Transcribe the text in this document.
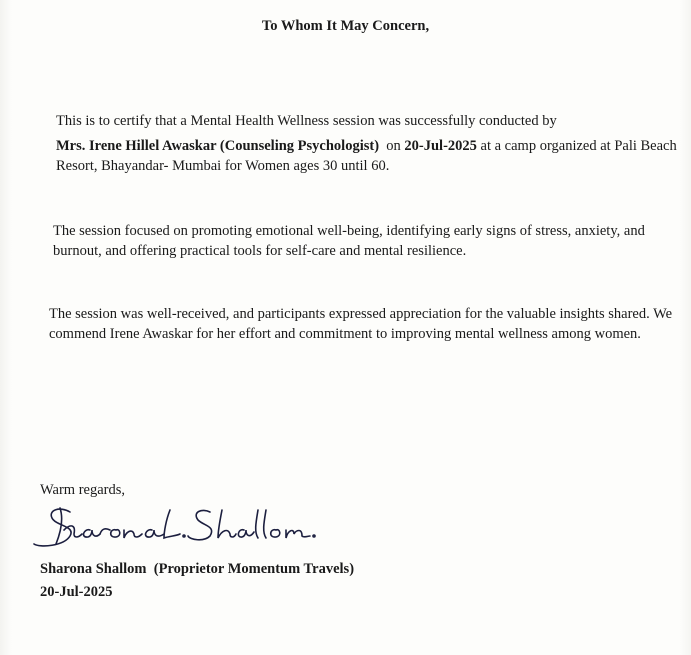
To Whom It May Concern,
This is to certify that a Mental Health Wellness session was successfully conducted by
Mrs. Irene Hillel Awaskar (Counseling Psychologist)  on 20-Jul-2025 at a camp organized at Pali Beach Resort, Bhayandar- Mumbai for Women ages 30 until 60.
The session focused on promoting emotional well-being, identifying early signs of stress, anxiety, and burnout, and offering practical tools for self-care and mental resilience.
The session was well-received, and participants expressed appreciation for the valuable insights shared. We commend Irene Awaskar for her effort and commitment to improving mental wellness among women.
Warm regards,
Sharona Shallom  (Proprietor Momentum Travels)
20-Jul-2025
